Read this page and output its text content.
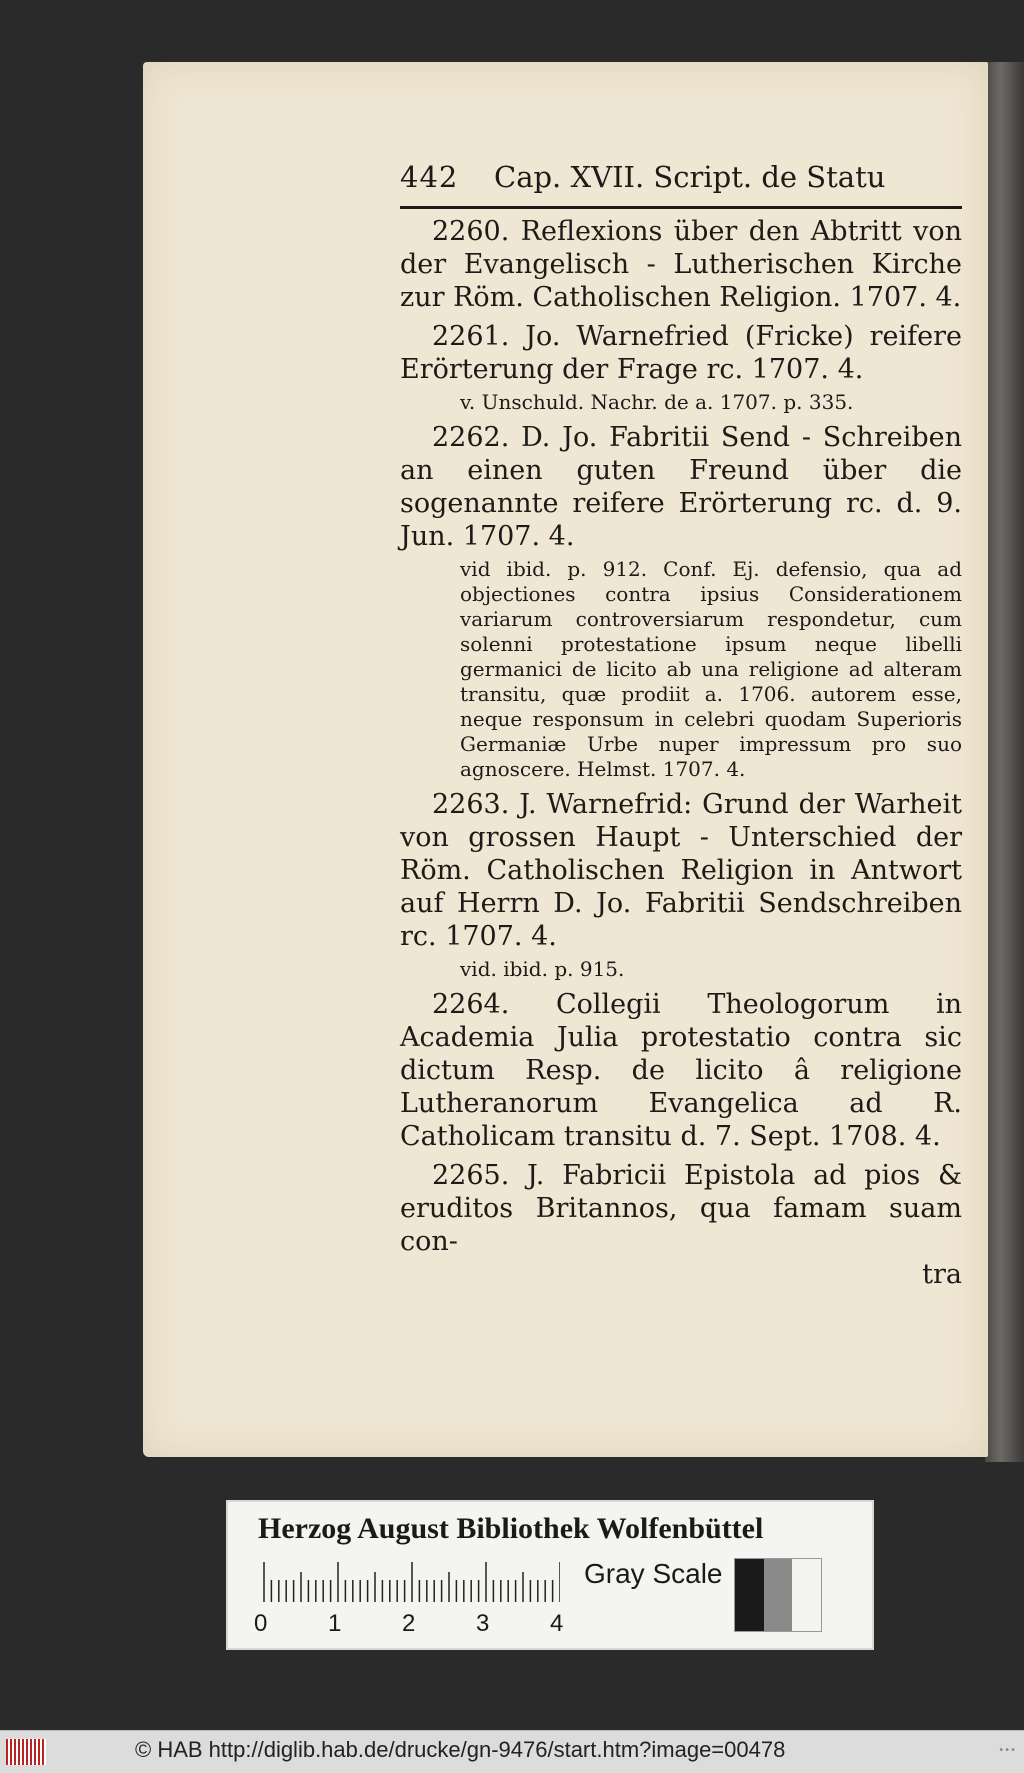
442	Cap. XVII. Script. de Statu
2260. Reflexions über den Abtritt von der Evangelisch - Lutherischen Kirche zur Röm. Catholischen Religion. 1707. 4.
2261. Jo. Warnefried (Fricke) reifere Erörterung der Frage rc. 1707. 4.
v. Unschuld. Nachr. de a. 1707. p. 335.
2262. D. Jo. Fabritii Send - Schreiben an einen guten Freund über die sogenannte reifere Erörterung rc. d. 9. Jun. 1707. 4.
vid ibid. p. 912. Conf. Ej. defensio, qua ad objectiones contra ipsius Considerationem variarum controversiarum respondetur, cum solenni protestatione ipsum neque libelli germanici de licito ab una religione ad alteram transitu, quæ prodiit a. 1706. autorem esse, neque responsum in celebri quodam Superioris Germaniæ Urbe nuper impressum pro suo agnoscere. Helmst. 1707. 4.
2263. J. Warnefrid: Grund der Warheit von grossen Haupt - Unterschied der Röm. Catholischen Religion in Antwort auf Herrn D. Jo. Fabritii Sendschreiben rc. 1707. 4.
vid. ibid. p. 915.
2264. Collegii Theologorum in Academia Julia protestatio contra sic dictum Resp. de licito â religione Lutheranorum Evangelica ad R. Catholicam transitu d. 7. Sept. 1708. 4.
2265. J. Fabricii Epistola ad pios & eruditos Britannos, qua famam suam con-
tra
Herzog August Bibliothek Wolfenbüttel
0	1	2	3	4
Gray Scale
© HAB http://diglib.hab.de/drucke/gn-9476/start.htm?image=00478	•••
